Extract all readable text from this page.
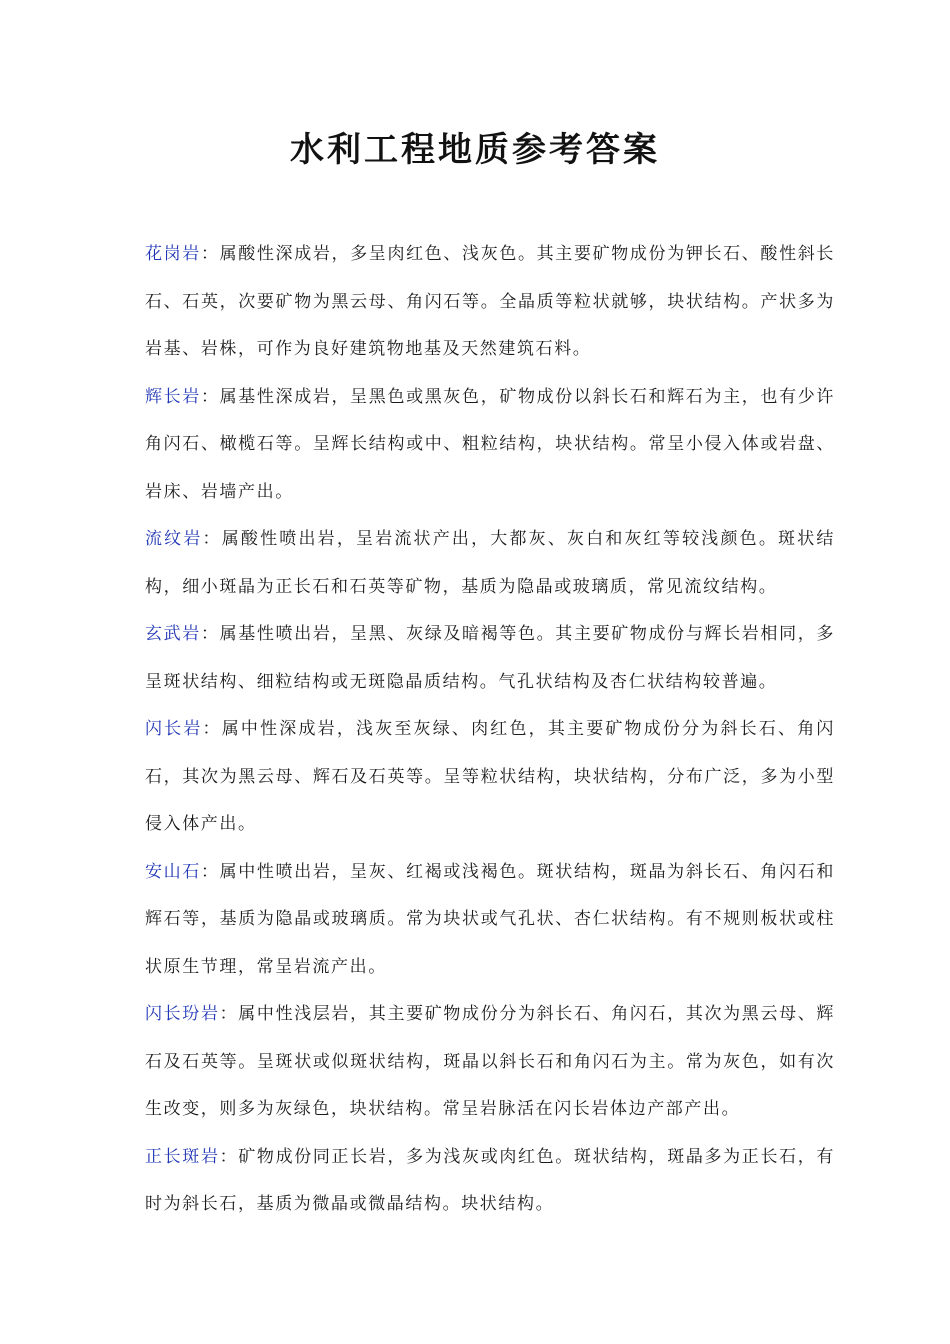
水利工程地质参考答案

花岗岩：属酸性深成岩，多呈肉红色、浅灰色。其主要矿物成份为钾长石、酸性斜长石、石英，次要矿物为黑云母、角闪石等。全晶质等粒状就够，块状结构。产状多为岩基、岩株，可作为良好建筑物地基及天然建筑石料。

辉长岩：属基性深成岩，呈黑色或黑灰色，矿物成份以斜长石和辉石为主，也有少许角闪石、橄榄石等。呈辉长结构或中、粗粒结构，块状结构。常呈小侵入体或岩盘、岩床、岩墙产出。

流纹岩：属酸性喷出岩，呈岩流状产出，大都灰、灰白和灰红等较浅颜色。斑状结构，细小斑晶为正长石和石英等矿物，基质为隐晶或玻璃质，常见流纹结构。

玄武岩：属基性喷出岩，呈黑、灰绿及暗褐等色。其主要矿物成份与辉长岩相同，多呈斑状结构、细粒结构或无斑隐晶质结构。气孔状结构及杏仁状结构较普遍。

闪长岩：属中性深成岩，浅灰至灰绿、肉红色，其主要矿物成份分为斜长石、角闪石，其次为黑云母、辉石及石英等。呈等粒状结构，块状结构，分布广泛，多为小型侵入体产出。

安山石：属中性喷出岩，呈灰、红褐或浅褐色。斑状结构，斑晶为斜长石、角闪石和辉石等，基质为隐晶或玻璃质。常为块状或气孔状、杏仁状结构。有不规则板状或柱状原生节理，常呈岩流产出。

闪长玢岩：属中性浅层岩，其主要矿物成份分为斜长石、角闪石，其次为黑云母、辉石及石英等。呈斑状或似斑状结构，斑晶以斜长石和角闪石为主。常为灰色，如有次生改变，则多为灰绿色，块状结构。常呈岩脉活在闪长岩体边产部产出。

正长斑岩：矿物成份同正长岩，多为浅灰或肉红色。斑状结构，斑晶多为正长石，有时为斜长石，基质为微晶或微晶结构。块状结构。
